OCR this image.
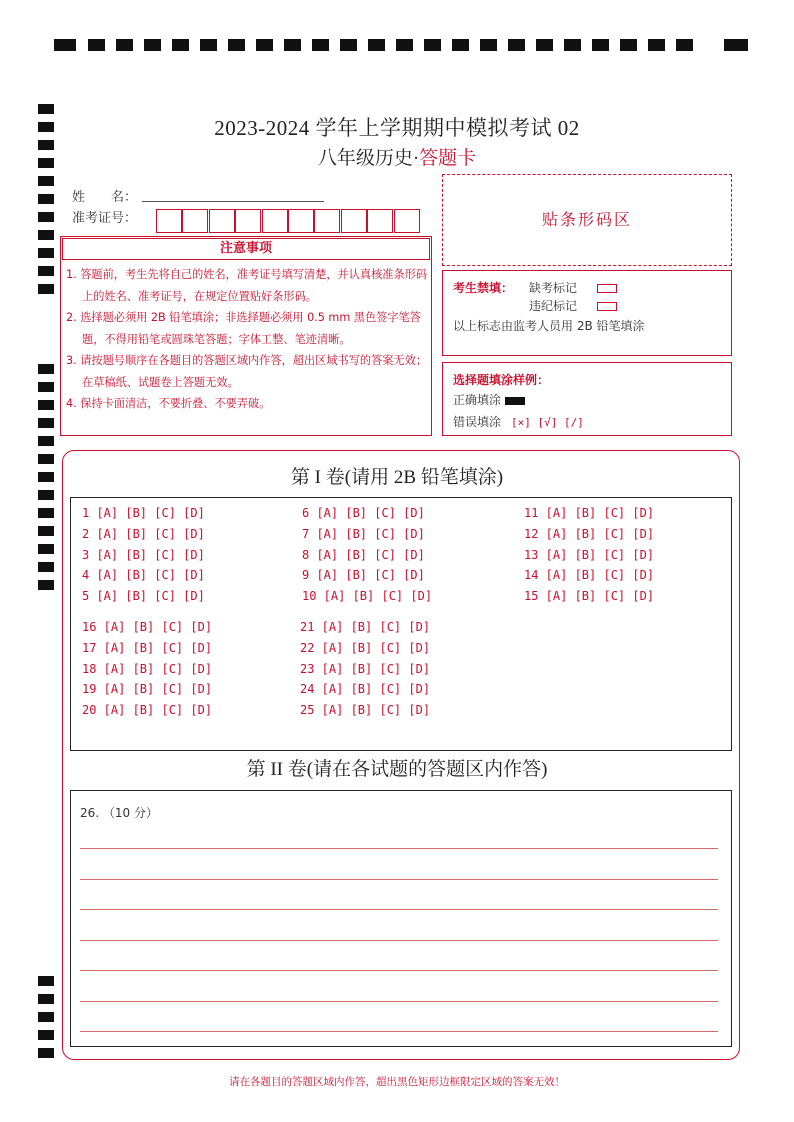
2023-2024 学年上学期期中模拟考试 02
八年级历史·答题卡
姓　　名：
准考证号：	贴条形码区
注意事项
1. 答题前，考生先将自己的姓名，准考证号填写清楚，并认真核准条形码上的姓名、准考证号，在规定位置贴好条形码。
2. 选择题必须用 2B 铅笔填涂；非选择题必须用 0.5 mm 黑色签字笔答题，不得用铅笔或圆珠笔答题；字体工整、笔迹清晰。
3. 请按题号顺序在各题目的答题区域内作答，超出区域书写的答案无效；在草稿纸、试题卷上答题无效。
4. 保持卡面清洁，不要折叠、不要弄破。
考生禁填： 缺考标记
违纪标记
以上标志由监考人员用 2B 铅笔填涂
选择题填涂样例：
正确填涂
错误填涂 [×] [√] [/]
第 I 卷(请用 2B 铅笔填涂)
1 [A] [B] [C] [D]
2 [A] [B] [C] [D]
3 [A] [B] [C] [D]
4 [A] [B] [C] [D]
5 [A] [B] [C] [D]
6 [A] [B] [C] [D]
7 [A] [B] [C] [D]
8 [A] [B] [C] [D]
9 [A] [B] [C] [D]
10 [A] [B] [C] [D]
11 [A] [B] [C] [D]
12 [A] [B] [C] [D]
13 [A] [B] [C] [D]
14 [A] [B] [C] [D]
15 [A] [B] [C] [D]
16 [A] [B] [C] [D]
17 [A] [B] [C] [D]
18 [A] [B] [C] [D]
19 [A] [B] [C] [D]
20 [A] [B] [C] [D]
21 [A] [B] [C] [D]
22 [A] [B] [C] [D]
23 [A] [B] [C] [D]
24 [A] [B] [C] [D]
25 [A] [B] [C] [D]
第 II 卷(请在各试题的答题区内作答)
26. （10 分）
请在各题目的答题区域内作答，超出黑色矩形边框限定区域的答案无效！
